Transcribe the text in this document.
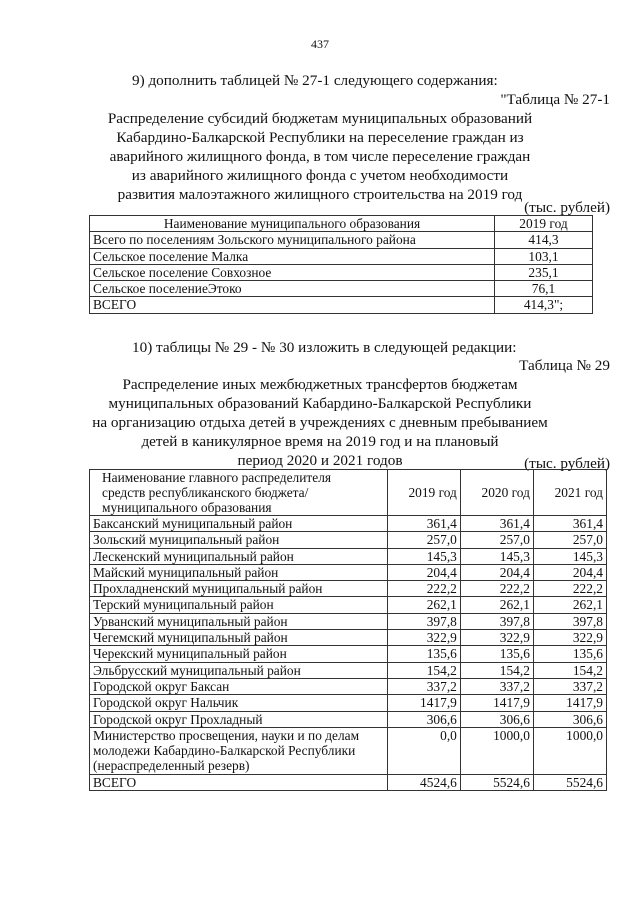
437
9) дополнить таблицей № 27-1 следующего содержания:
"Таблица № 27-1
Распределение субсидий бюджетам муниципальных образований
Кабардино-Балкарской Республики на переселение граждан из
аварийного жилищного фонда, в том числе переселение граждан
из аварийного жилищного фонда с учетом необходимости
развития малоэтажного жилищного строительства на 2019 год
(тыс. рублей)
Наименование муниципального образования	2019 год
Всего по поселениям Зольского муниципального района	414,3
Сельское поселение Малка	103,1
Сельское поселение Совхозное	235,1
Сельское поселениеЭтоко	76,1
ВСЕГО	414,3";
10) таблицы № 29 - № 30 изложить в следующей редакции:
Таблица № 29
Распределение иных межбюджетных трансфертов бюджетам
муниципальных образований Кабардино-Балкарской Республики
на организацию отдыха детей в учреждениях с дневным пребыванием
детей в каникулярное время на 2019 год и на плановый
период 2020 и 2021 годов	(тыс. рублей)
Наименование главного распределителя средств республиканского бюджета/ муниципального образования	2019 год	2020 год	2021 год
Баксанский муниципальный район	361,4	361,4	361,4
Зольский муниципальный район	257,0	257,0	257,0
Лескенский муниципальный район	145,3	145,3	145,3
Майский муниципальный район	204,4	204,4	204,4
Прохладненский муниципальный район	222,2	222,2	222,2
Терский муниципальный район	262,1	262,1	262,1
Урванский муниципальный район	397,8	397,8	397,8
Чегемский муниципальный район	322,9	322,9	322,9
Черекский муниципальный район	135,6	135,6	135,6
Эльбрусский муниципальный район	154,2	154,2	154,2
Городской округ Баксан	337,2	337,2	337,2
Городской округ Нальчик	1417,9	1417,9	1417,9
Городской округ Прохладный	306,6	306,6	306,6
Министерство просвещения, науки и по делам молодежи Кабардино-Балкарской Республики (нераспределенный резерв)	0,0	1000,0	1000,0
ВСЕГО	4524,6	5524,6	5524,6
